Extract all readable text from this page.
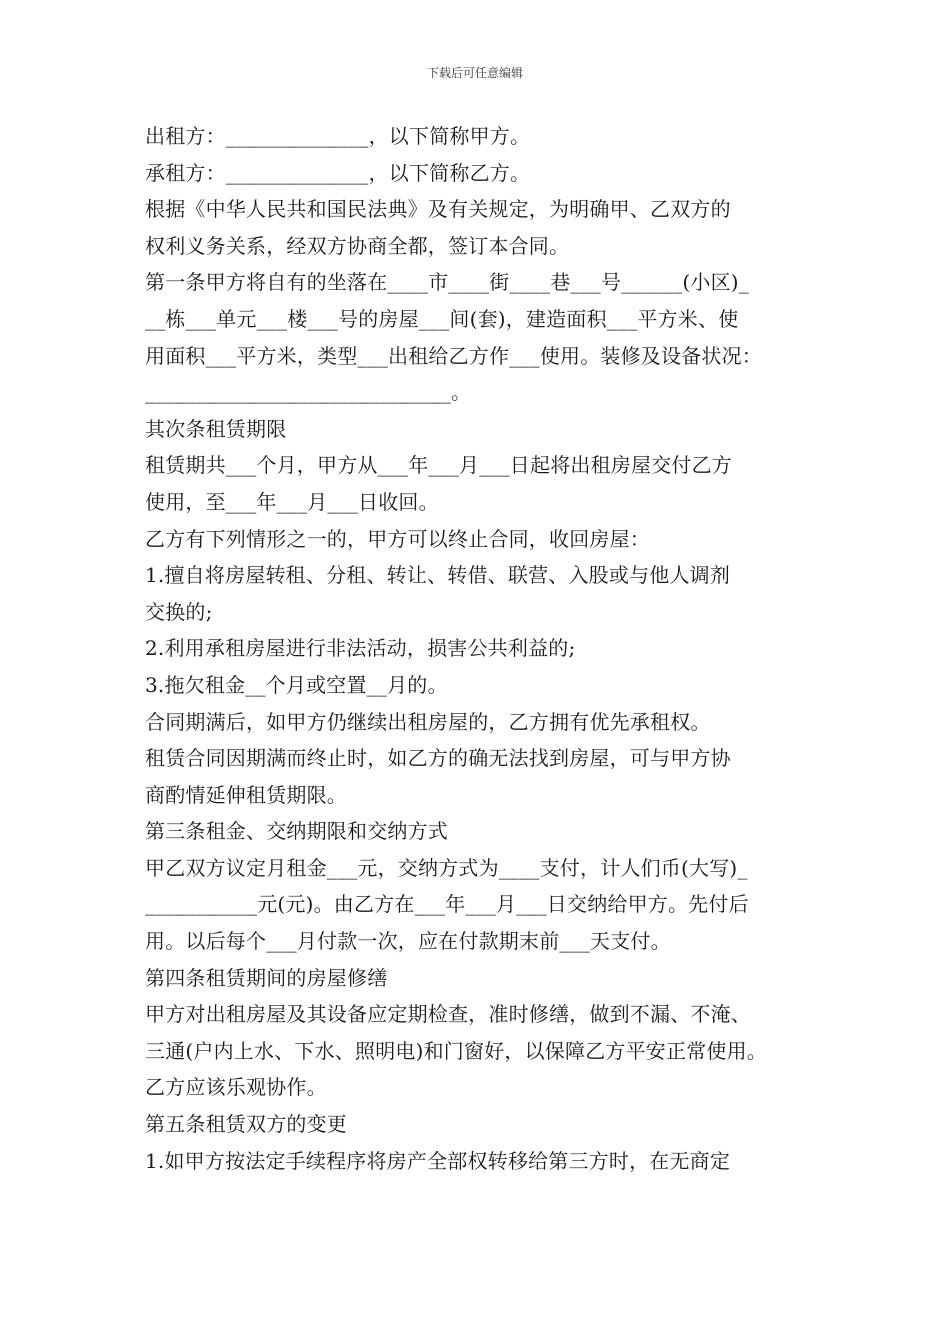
下载后可任意编辑

出租方：______________，以下简称甲方。

承租方：______________，以下简称乙方。

根据《中华人民共和国民法典》及有关规定，为明确甲、乙双方的

权利义务关系，经双方协商全都，签订本合同。

第一条甲方将自有的坐落在____市____街____巷___号______(小区)_

__栋___单元___楼___号的房屋___间(套)，建造面积___平方米、使

用面积___平方米，类型___出租给乙方作___使用。装修及设备状况：

______________________________。

其次条租赁期限

租赁期共___个月，甲方从___年___月___日起将出租房屋交付乙方

使用，至___年___月___日收回。

乙方有下列情形之一的，甲方可以终止合同，收回房屋：

1.擅自将房屋转租、分租、转让、转借、联营、入股或与他人调剂

交换的;

2.利用承租房屋进行非法活动，损害公共利益的;

3.拖欠租金__个月或空置__月的。

合同期满后，如甲方仍继续出租房屋的，乙方拥有优先承租权。

租赁合同因期满而终止时，如乙方的确无法找到房屋，可与甲方协

商酌情延伸租赁期限。

第三条租金、交纳期限和交纳方式

甲乙双方议定月租金___元，交纳方式为____支付，计人们币(大写)_

___________元(元)。由乙方在___年___月___日交纳给甲方。先付后

用。以后每个___月付款一次，应在付款期末前___天支付。

第四条租赁期间的房屋修缮

甲方对出租房屋及其设备应定期检查，准时修缮，做到不漏、不淹、

三通(户内上水、下水、照明电)和门窗好，以保障乙方平安正常使用。

乙方应该乐观协作。

第五条租赁双方的变更

1.如甲方按法定手续程序将房产全部权转移给第三方时，在无商定
